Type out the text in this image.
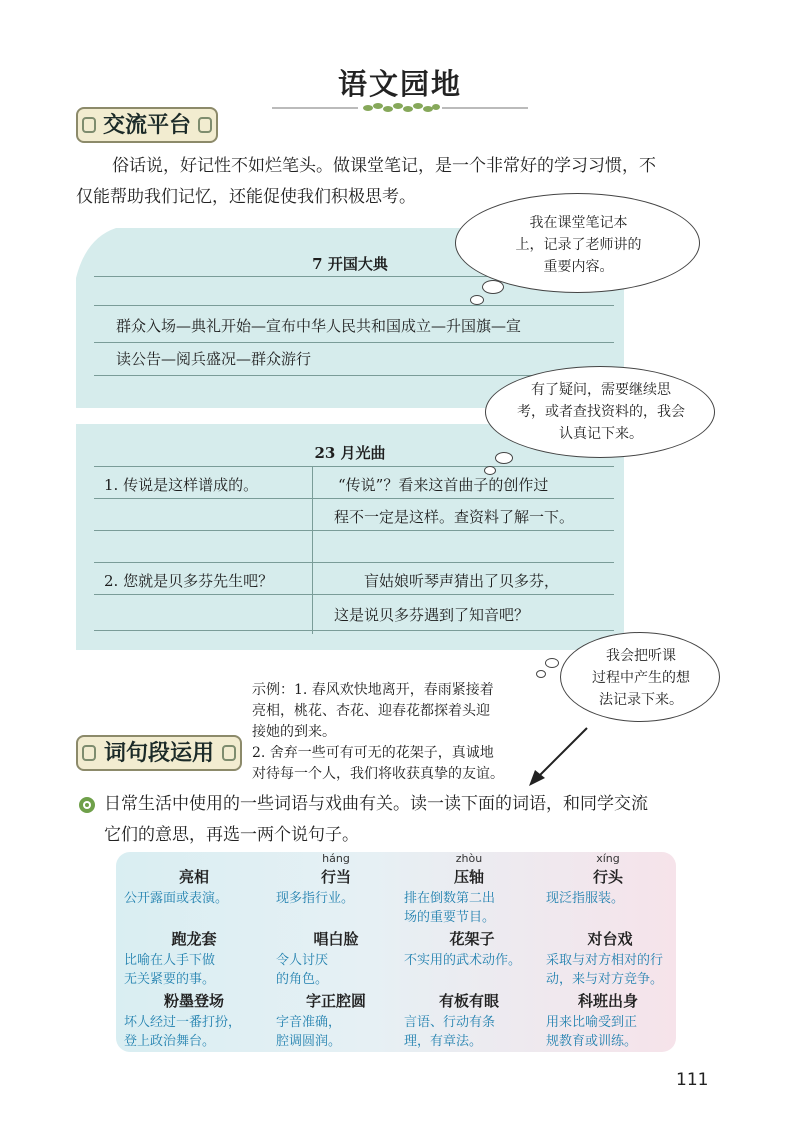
语文园地
交流平台
俗话说，好记性不如烂笔头。做课堂笔记，是一个非常好的学习习惯，不
仅能帮助我们记忆，还能促使我们积极思考。
7 开国大典
群众入场—典礼开始—宣布中华人民共和国成立—升国旗—宣
读公告—阅兵盛况—群众游行
我在课堂笔记本
上，记录了老师讲的
重要内容。
23 月光曲
1. 传说是这样谱成的。	“传说”？看来这首曲子的创作过
程不一定是这样。查资料了解一下。
2. 您就是贝多芬先生吧？	盲姑娘听琴声猜出了贝多芬，
这是说贝多芬遇到了知音吧？
有了疑问，需要继续思
考，或者查找资料的，我会
认真记下来。
我会把听课
过程中产生的想
法记录下来。
示例：1. 春风欢快地离开，春雨紧接着
亮相，桃花、杏花、迎春花都探着头迎
接她的到来。
2. 舍弃一些可有可无的花架子，真诚地
对待每一个人，我们将收获真挚的友谊。
词句段运用
日常生活中使用的一些词语与戏曲有关。读一读下面的词语，和同学交流
它们的意思，再选一两个说句子。
亮相
公开露面或表演。
háng
行当
现多指行业。
zhòu
压轴
排在倒数第二出
场的重要节目。
xíng
行头
现泛指服装。
跑龙套
比喻在人手下做
无关紧要的事。
唱白脸
令人讨厌
的角色。
花架子
不实用的武术动作。
对台戏
采取与对方相对的行
动，来与对方竞争。
粉墨登场
坏人经过一番打扮，
登上政治舞台。
字正腔圆
字音准确，
腔调圆润。
有板有眼
言语、行动有条
理，有章法。
科班出身
用来比喻受到正
规教育或训练。
111
